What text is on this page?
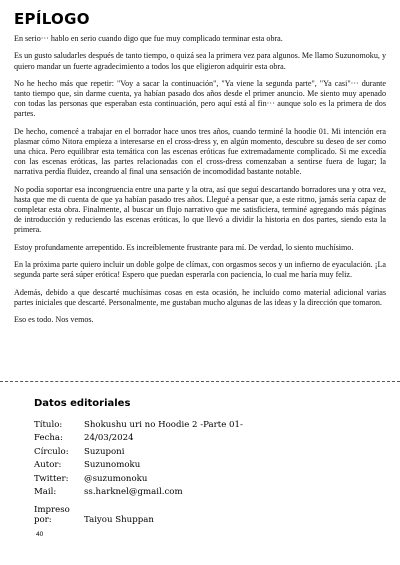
EPÍLOGO

En serio··· hablo en serio cuando digo que fue muy complicado terminar esta obra.

Es un gusto saludarles después de tanto tiempo, o quizá sea la primera vez para algunos. Me llamo Suzunomoku, y quiero mandar un fuerte agradecimiento a todos los que eligieron adquirir esta obra.

No he hecho más que repetir: "Voy a sacar la continuación", "Ya viene la segunda parte", "Ya casi"··· durante tanto tiempo que, sin darme cuenta, ya habían pasado dos años desde el primer anuncio. Me siento muy apenado con todas las personas que esperaban esta continuación, pero aquí está al fin··· aunque solo es la primera de dos partes.

De hecho, comencé a trabajar en el borrador hace unos tres años, cuando terminé la hoodie 01. Mi intención era plasmar cómo Nitora empieza a interesarse en el cross-dress y, en algún momento, descubre su deseo de ser como una chica. Pero equilibrar esta temática con las escenas eróticas fue extremadamente complicado. Si me excedía con las escenas eróticas, las partes relacionadas con el cross-dress comenzaban a sentirse fuera de lugar; la narrativa perdía fluidez, creando al final una sensación de incomodidad bastante notable.

No podía soportar esa incongruencia entre una parte y la otra, así que seguí descartando borradores una y otra vez, hasta que me di cuenta de que ya habían pasado tres años. Llegué a pensar que, a este ritmo, jamás sería capaz de completar esta obra. Finalmente, al buscar un flujo narrativo que me satisficiera, terminé agregando más páginas de introducción y reduciendo las escenas eróticas, lo que llevó a dividir la historia en dos partes, siendo esta la primera.

Estoy profundamente arrepentido. Es increíblemente frustrante para mí. De verdad, lo siento muchísimo.

En la próxima parte quiero incluir un doble golpe de clímax, con orgasmos secos y un infierno de eyaculación. ¡La segunda parte será súper erótica! Espero que puedan esperarla con paciencia, lo cual me haría muy feliz.

Además, debido a que descarté muchísimas cosas en esta ocasión, he incluido como material adicional varias partes iniciales que descarté. Personalmente, me gustaban mucho algunas de las ideas y la dirección que tomaron.

Eso es todo. Nos vemos.

Datos editoriales
Título:	Shokushu uri no Hoodie 2 -Parte 01-
Fecha:	24/03/2024
Círculo:	Suzuponi
Autor:	Suzunomoku
Twitter:	@suzumonoku
Mail:	ss.harknel@gmail.com
Impreso por:	Taiyou Shuppan
40
